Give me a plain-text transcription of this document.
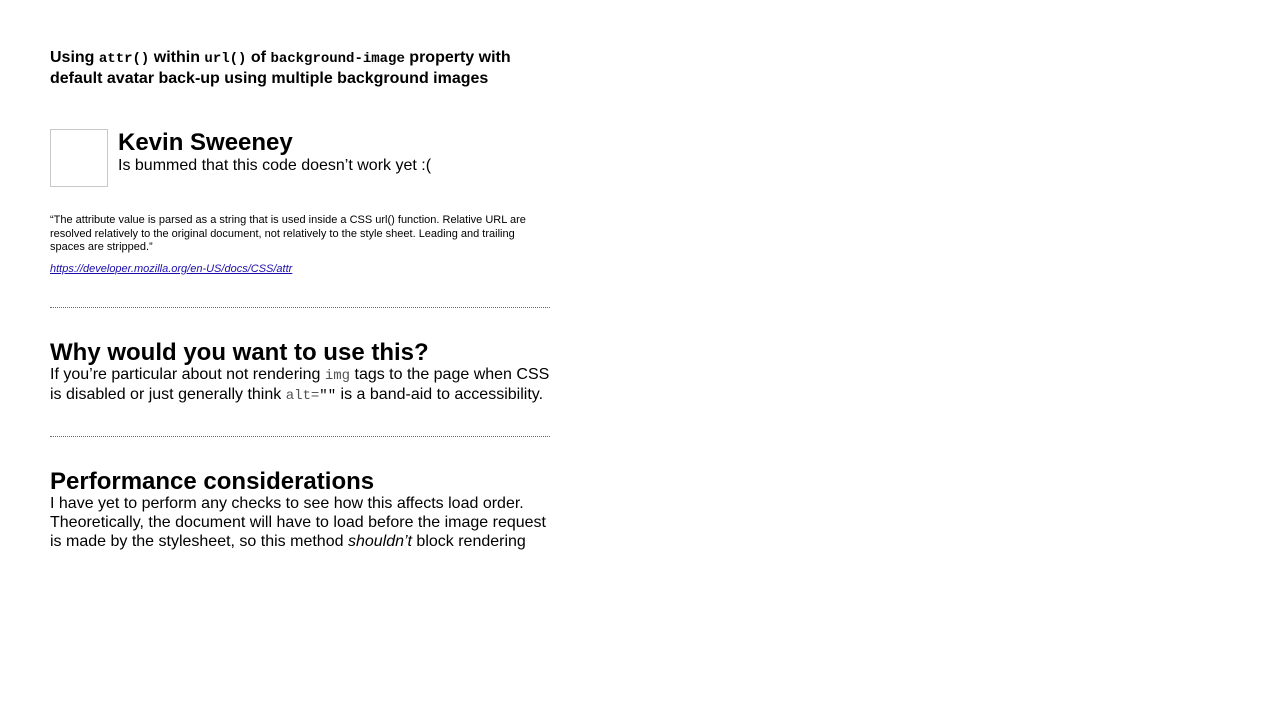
Using attr() within url() of background-image property with default avatar back-up using multiple background images
Kevin Sweeney

Is bummed that this code doesn’t work yet :(

“The attribute value is parsed as a string that is used inside a CSS url() function. Relative URL are resolved relatively to the original document, not relatively to the style sheet. Leading and trailing spaces are stripped.”
https://developer.mozilla.org/en-US/docs/CSS/attr
Why would you want to use this?

If you’re particular about not rendering img tags to the page when CSS is disabled or just generally think alt="" is a band-aid to accessibility.

Performance considerations

I have yet to perform any checks to see how this affects load order. Theoretically, the document will have to load before the image request is made by the stylesheet, so this method shouldn’t block rendering
